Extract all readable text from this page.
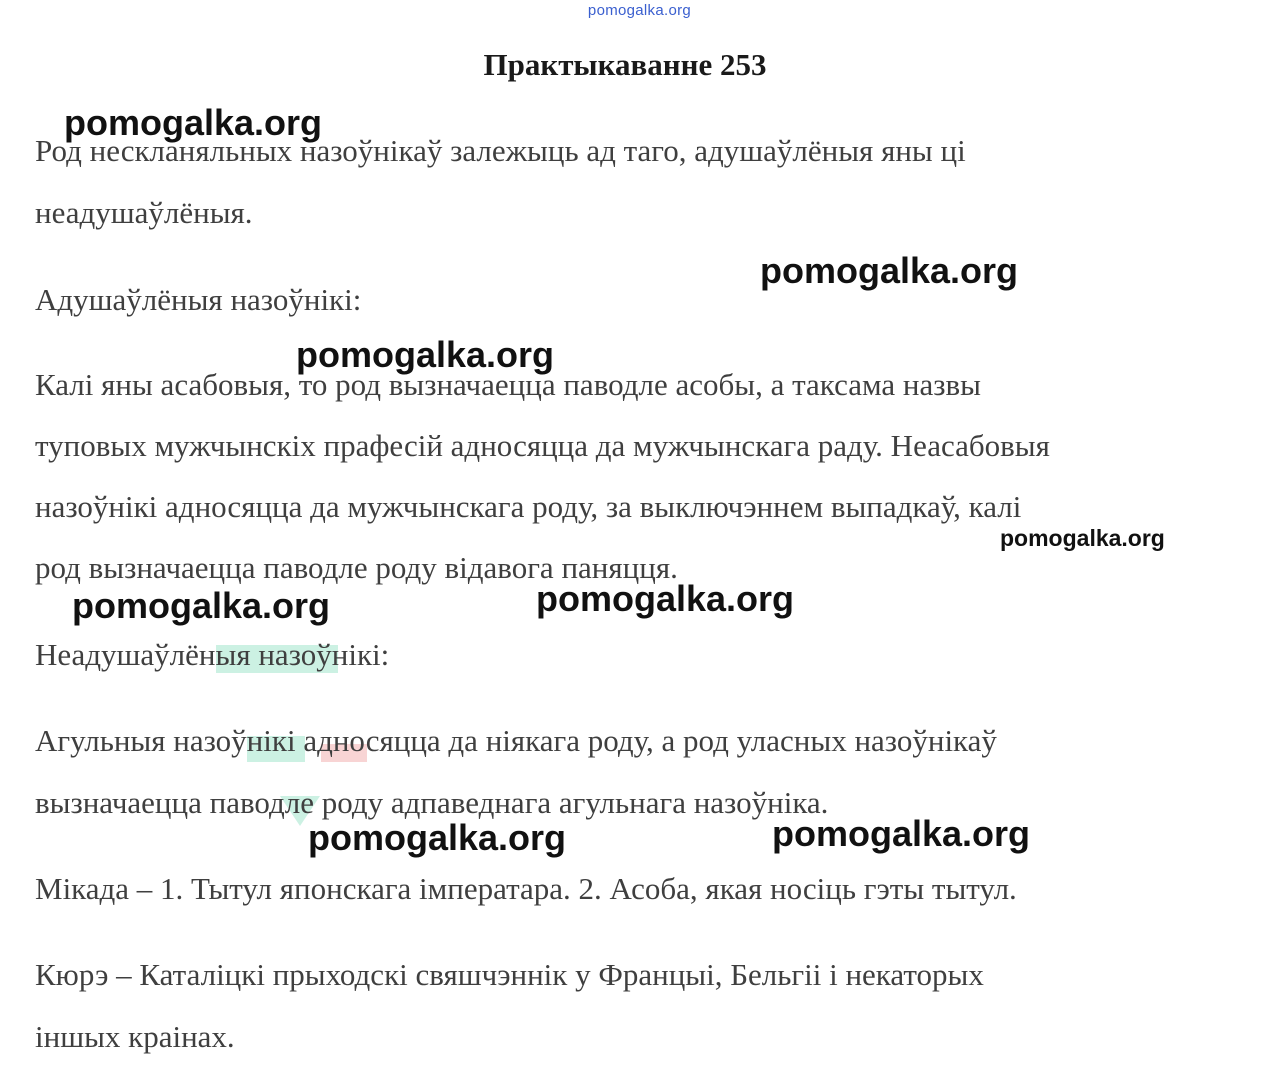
pomogalka.org
Практыкаванне 253
Род нескланяльных назоўнікаў залежыць ад таго, адушаўлёныя яны ці
неадушаўлёныя.
Адушаўлёныя назоўнікі:
Калі яны асабовыя, то род вызначаецца паводле асобы, а таксама назвы
туповых мужчынскіх прафесій адносяцца да мужчынскага раду. Неасабовыя
назоўнікі адносяцца да мужчынскага роду, за выключэннем выпадкаў, калі
род вызначаецца паводле роду відавога паняцця.
Неадушаўлёныя назоўнікі:
Агульныя назоўнікі адносяцца да ніякага роду, а род уласных назоўнікаў
вызначаецца паводле роду адпаведнага агульнага назоўніка.
Мікада – 1. Тытул японскага імператара. 2. Асоба, якая носіць гэты тытул.
Кюрэ – Каталіцкі прыходскі свяшчэннік у Францыі, Бельгіі і некаторых
іншых краінах.
pomogalka.org
pomogalka.org
pomogalka.org
pomogalka.org
pomogalka.org	pomogalka.org
pomogalka.org	pomogalka.org
